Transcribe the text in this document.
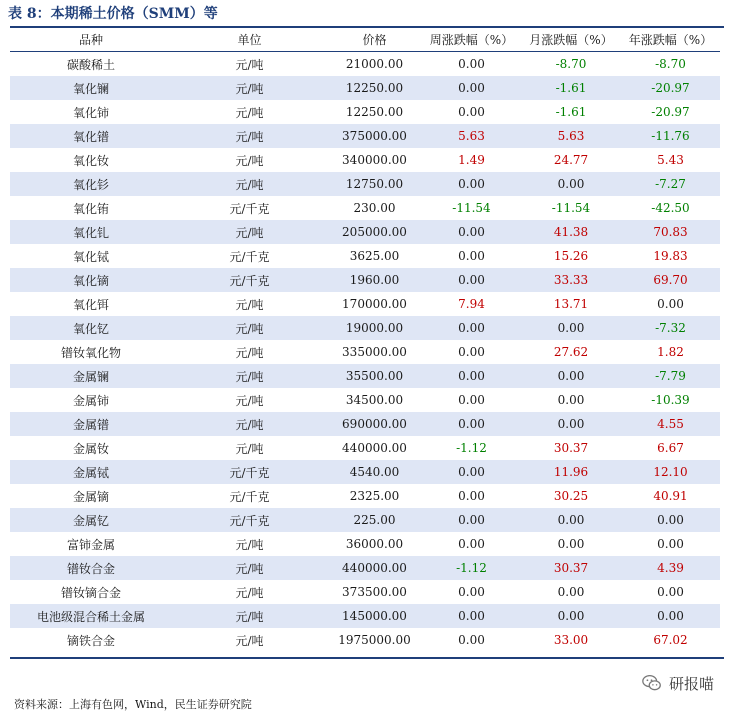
表 8：本期稀土价格（SMM）等
品种	单位	价格	周涨跌幅（%）	月涨跌幅（%）	年涨跌幅（%）
碳酸稀土	元/吨	21000.00	0.00	-8.70	-8.70
氧化镧	元/吨	12250.00	0.00	-1.61	-20.97
氧化铈	元/吨	12250.00	0.00	-1.61	-20.97
氧化镨	元/吨	375000.00	5.63	5.63	-11.76
氧化钕	元/吨	340000.00	1.49	24.77	5.43
氧化钐	元/吨	12750.00	0.00	0.00	-7.27
氧化铕	元/千克	230.00	-11.54	-11.54	-42.50
氧化钆	元/吨	205000.00	0.00	41.38	70.83
氧化铽	元/千克	3625.00	0.00	15.26	19.83
氧化镝	元/千克	1960.00	0.00	33.33	69.70
氧化铒	元/吨	170000.00	7.94	13.71	0.00
氧化钇	元/吨	19000.00	0.00	0.00	-7.32
镨钕氧化物	元/吨	335000.00	0.00	27.62	1.82
金属镧	元/吨	35500.00	0.00	0.00	-7.79
金属铈	元/吨	34500.00	0.00	0.00	-10.39
金属镨	元/吨	690000.00	0.00	0.00	4.55
金属钕	元/吨	440000.00	-1.12	30.37	6.67
金属铽	元/千克	4540.00	0.00	11.96	12.10
金属镝	元/千克	2325.00	0.00	30.25	40.91
金属钇	元/千克	225.00	0.00	0.00	0.00
富铈金属	元/吨	36000.00	0.00	0.00	0.00
镨钕合金	元/吨	440000.00	-1.12	30.37	4.39
镨钕镝合金	元/吨	373500.00	0.00	0.00	0.00
电池级混合稀土金属	元/吨	145000.00	0.00	0.00	0.00
镝铁合金	元/吨	1975000.00	0.00	33.00	67.02
研报喵
资料来源：上海有色网，Wind，民生证券研究院
